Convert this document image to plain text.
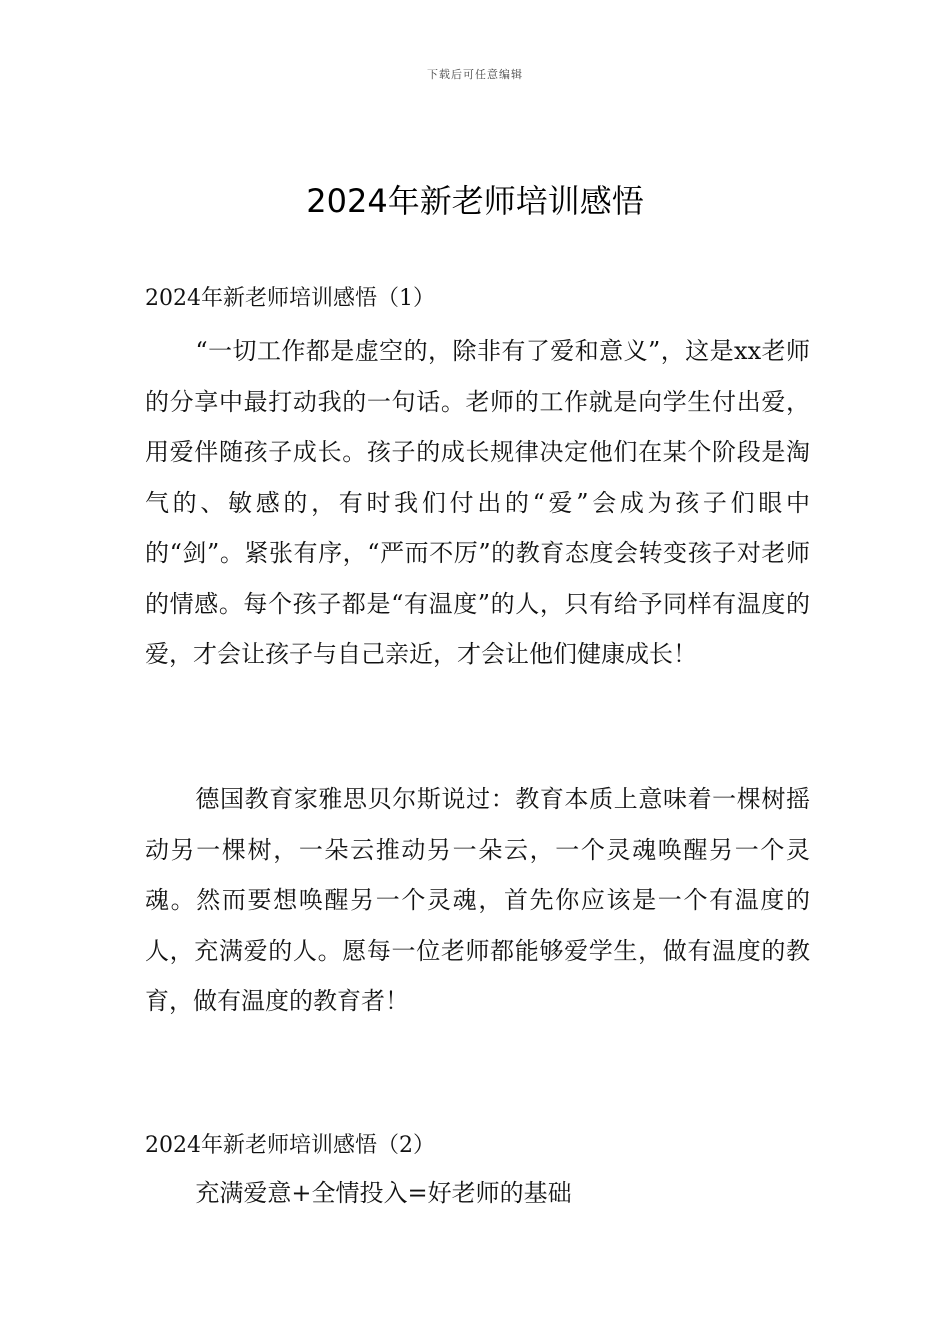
下载后可任意编辑
2024年新老师培训感悟

2024年新老师培训感悟（1）

“一切工作都是虚空的，除非有了爱和意义”，这是xx老师的分享中最打动我的一句话。老师的工作就是向学生付出爱，用爱伴随孩子成长。孩子的成长规律决定他们在某个阶段是淘气的、敏感的，有时我们付出的“爱”会成为孩子们眼中的“剑”。紧张有序，“严而不厉”的教育态度会转变孩子对老师的情感。每个孩子都是“有温度”的人，只有给予同样有温度的爱，才会让孩子与自己亲近，才会让他们健康成长！

德国教育家雅思贝尔斯说过：教育本质上意味着一棵树摇动另一棵树，一朵云推动另一朵云，一个灵魂唤醒另一个灵魂。然而要想唤醒另一个灵魂，首先你应该是一个有温度的人，充满爱的人。愿每一位老师都能够爱学生，做有温度的教育，做有温度的教育者！

2024年新老师培训感悟（2）

充满爱意+全情投入=好老师的基础
